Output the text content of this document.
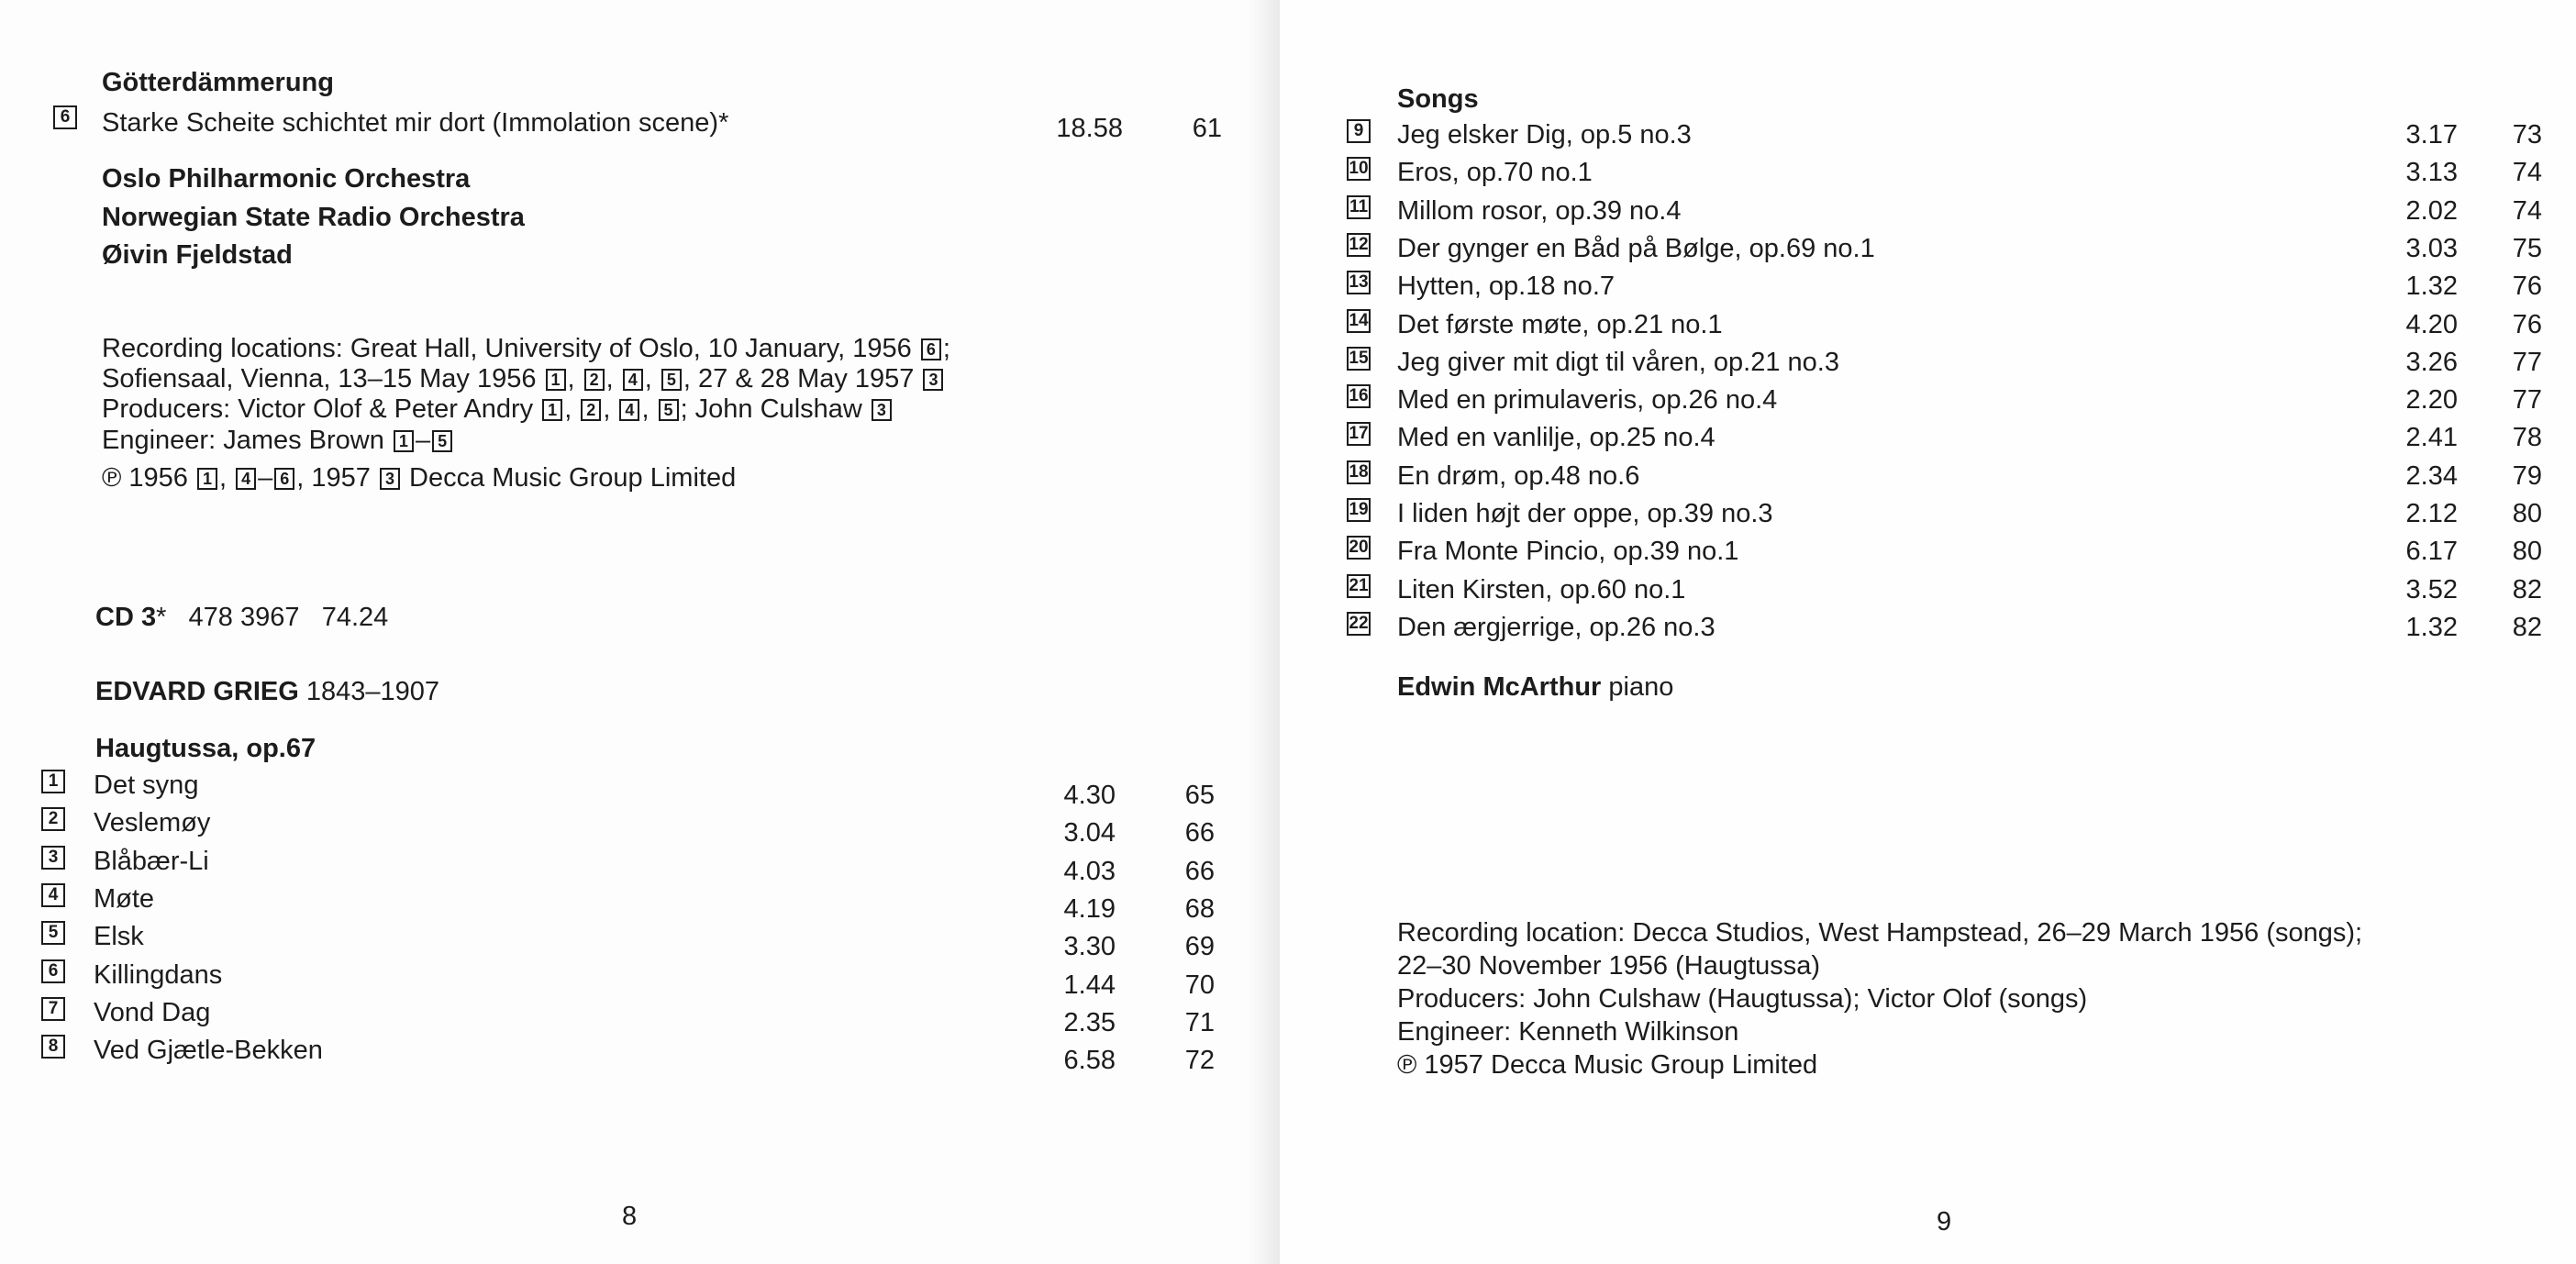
Götterdämmerung
6 Starke Scheite schichtet mir dort (Immolation scene)*	18.58	61
Oslo Philharmonic Orchestra
Norwegian State Radio Orchestra
Øivin Fjeldstad
Recording locations: Great Hall, University of Oslo, 10 January, 1956 6 ;
Sofiensaal, Vienna, 13–15 May 1956 1 , 2 , 4 , 5 , 27 & 28 May 1957 3
Producers: Victor Olof & Peter Andry 1 , 2 , 4 , 5 ; John Culshaw 3
Engineer: James Brown 1 – 5
℗ 1956 1 , 4 – 6 , 1957 3 Decca Music Group Limited
CD 3* 478 3967 74.24
EDVARD GRIEG 1843–1907
Haugtussa, op.67
1 Det syng	4.30	65
2 Veslemøy	3.04	66
3 Blåbær-Li	4.03	66
4 Møte	4.19	68
5 Elsk	3.30	69
6 Killingdans	1.44	70
7 Vond Dag	2.35	71
8 Ved Gjætle-Bekken	6.58	72
8
Songs
9 Jeg elsker Dig, op.5 no.3	3.17	73
10 Eros, op.70 no.1	3.13	74
11 Millom rosor, op.39 no.4	2.02	74
12 Der gynger en Båd på Bølge, op.69 no.1	3.03	75
13 Hytten, op.18 no.7	1.32	76
14 Det første møte, op.21 no.1	4.20	76
15 Jeg giver mit digt til våren, op.21 no.3	3.26	77
16 Med en primulaveris, op.26 no.4	2.20	77
17 Med en vanlilje, op.25 no.4	2.41	78
18 En drøm, op.48 no.6	2.34	79
19 I liden højt der oppe, op.39 no.3	2.12	80
20 Fra Monte Pincio, op.39 no.1	6.17	80
21 Liten Kirsten, op.60 no.1	3.52	82
22 Den ærgjerrige, op.26 no.3	1.32	82
Edwin McArthur piano
Recording location: Decca Studios, West Hampstead, 26–29 March 1956 (songs);
22–30 November 1956 (Haugtussa)
Producers: John Culshaw (Haugtussa); Victor Olof (songs)
Engineer: Kenneth Wilkinson
℗ 1957 Decca Music Group Limited
9
